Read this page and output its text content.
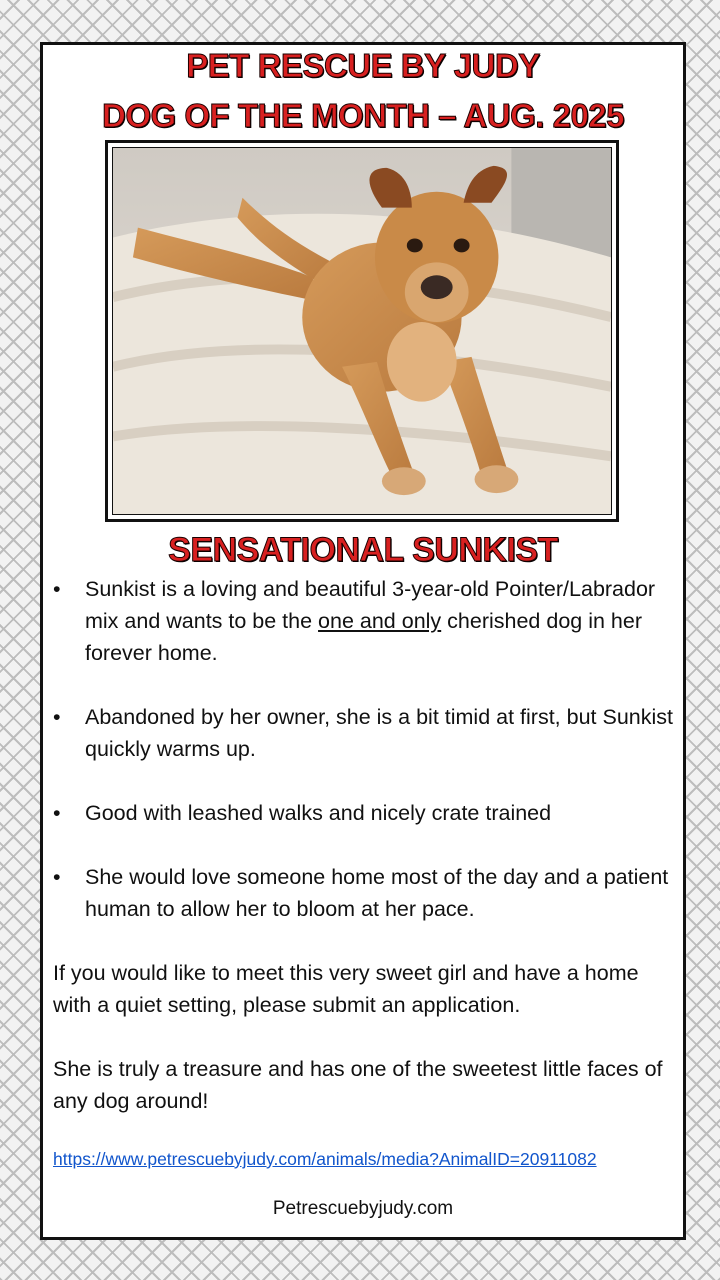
PET RESCUE BY JUDY
DOG OF THE MONTH – AUG. 2025
SENSATIONAL SUNKIST
• Sunkist is a loving and beautiful 3-year-old Pointer/Labrador mix and wants to be the one and only cherished dog in her forever home.
• Abandoned by her owner, she is a bit timid at first, but Sunkist quickly warms up.
• Good with leashed walks and nicely crate trained
• She would love someone home most of the day and a patient human to allow her to bloom at her pace.
If you would like to meet this very sweet girl and have a home with a quiet setting, please submit an application.
She is truly a treasure and has one of the sweetest little faces of any dog around!
https://www.petrescuebyjudy.com/animals/media?AnimalID=20911082
Petrescuebyjudy.com
